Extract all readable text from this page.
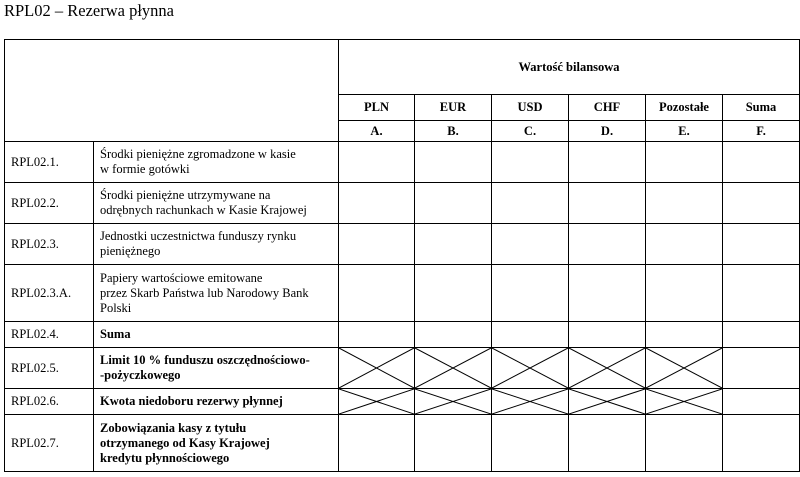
RPL02 – Rezerwa płynna
		Wartość bilansowa					
		PLN	EUR	USD	CHF	Pozostałe	Suma
		A.	B.	C.	D.	E.	F.
RPL02.1.	Środki pieniężne zgromadzone w kasie
w formie gotówki						
RPL02.2.	Środki pieniężne utrzymywane na
odrębnych rachunkach w Kasie Krajowej						
RPL02.3.	Jednostki uczestnictwa funduszy rynku
pieniężnego						
RPL02.3.A.	Papiery wartościowe emitowane
przez Skarb Państwa lub Narodowy Bank
Polski						
RPL02.4.	Suma						
RPL02.5.	Limit 10 % funduszu oszczędnościowo-
-pożyczkowego						
RPL02.6.	Kwota niedoboru rezerwy płynnej						
RPL02.7.	Zobowiązania kasy z tytułu
otrzymanego od Kasy Krajowej
kredytu płynnościowego						
